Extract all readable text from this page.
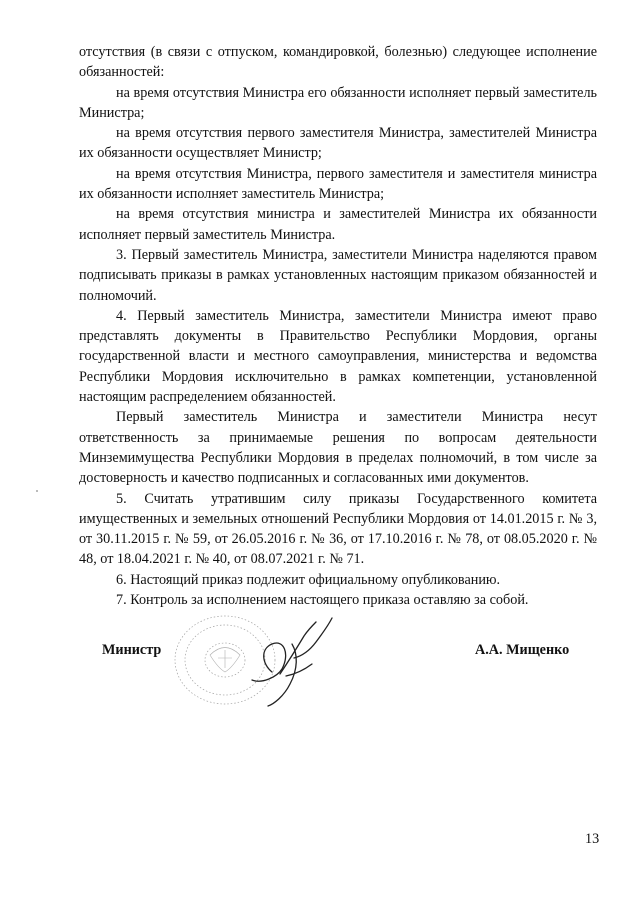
отсутствия (в связи с отпуском, командировкой, болезнью) следующее исполнение обязанностей:

на время отсутствия Министра его обязанности исполняет первый заместитель Министра;

на время отсутствия первого заместителя Министра, заместителей Министра их обязанности осуществляет Министр;

на время отсутствия Министра, первого заместителя и заместителя министра их обязанности исполняет заместитель Министра;

на время отсутствия министра и заместителей Министра их обязанности исполняет первый заместитель Министра.

3. Первый заместитель Министра, заместители Министра наделяются правом подписывать приказы в рамках установленных настоящим приказом обязанностей и полномочий.

4. Первый заместитель Министра, заместители Министра имеют право представлять документы в Правительство Республики Мордовия, органы государственной власти и местного самоуправления, министерства и ведомства Республики Мордовия исключительно в рамках компетенции, установленной настоящим распределением обязанностей.

Первый заместитель Министра и заместители Министра несут ответственность за принимаемые решения по вопросам деятельности Минземимущества Республики Мордовия в пределах полномочий, в том числе за достоверность и качество подписанных и согласованных ими документов.

5. Считать утратившим силу приказы Государственного комитета имущественных и земельных отношений Республики Мордовия от 14.01.2015 г. № 3, от 30.11.2015 г. № 59, от 26.05.2016 г. № 36, от 17.10.2016 г. № 78, от 08.05.2020 г. № 48, от 18.04.2021 г. № 40, от 08.07.2021 г. № 71.

6. Настоящий приказ подлежит официальному опубликованию.

7. Контроль за исполнением настоящего приказа оставляю за собой.

Министр	А.А. Мищенко
13
